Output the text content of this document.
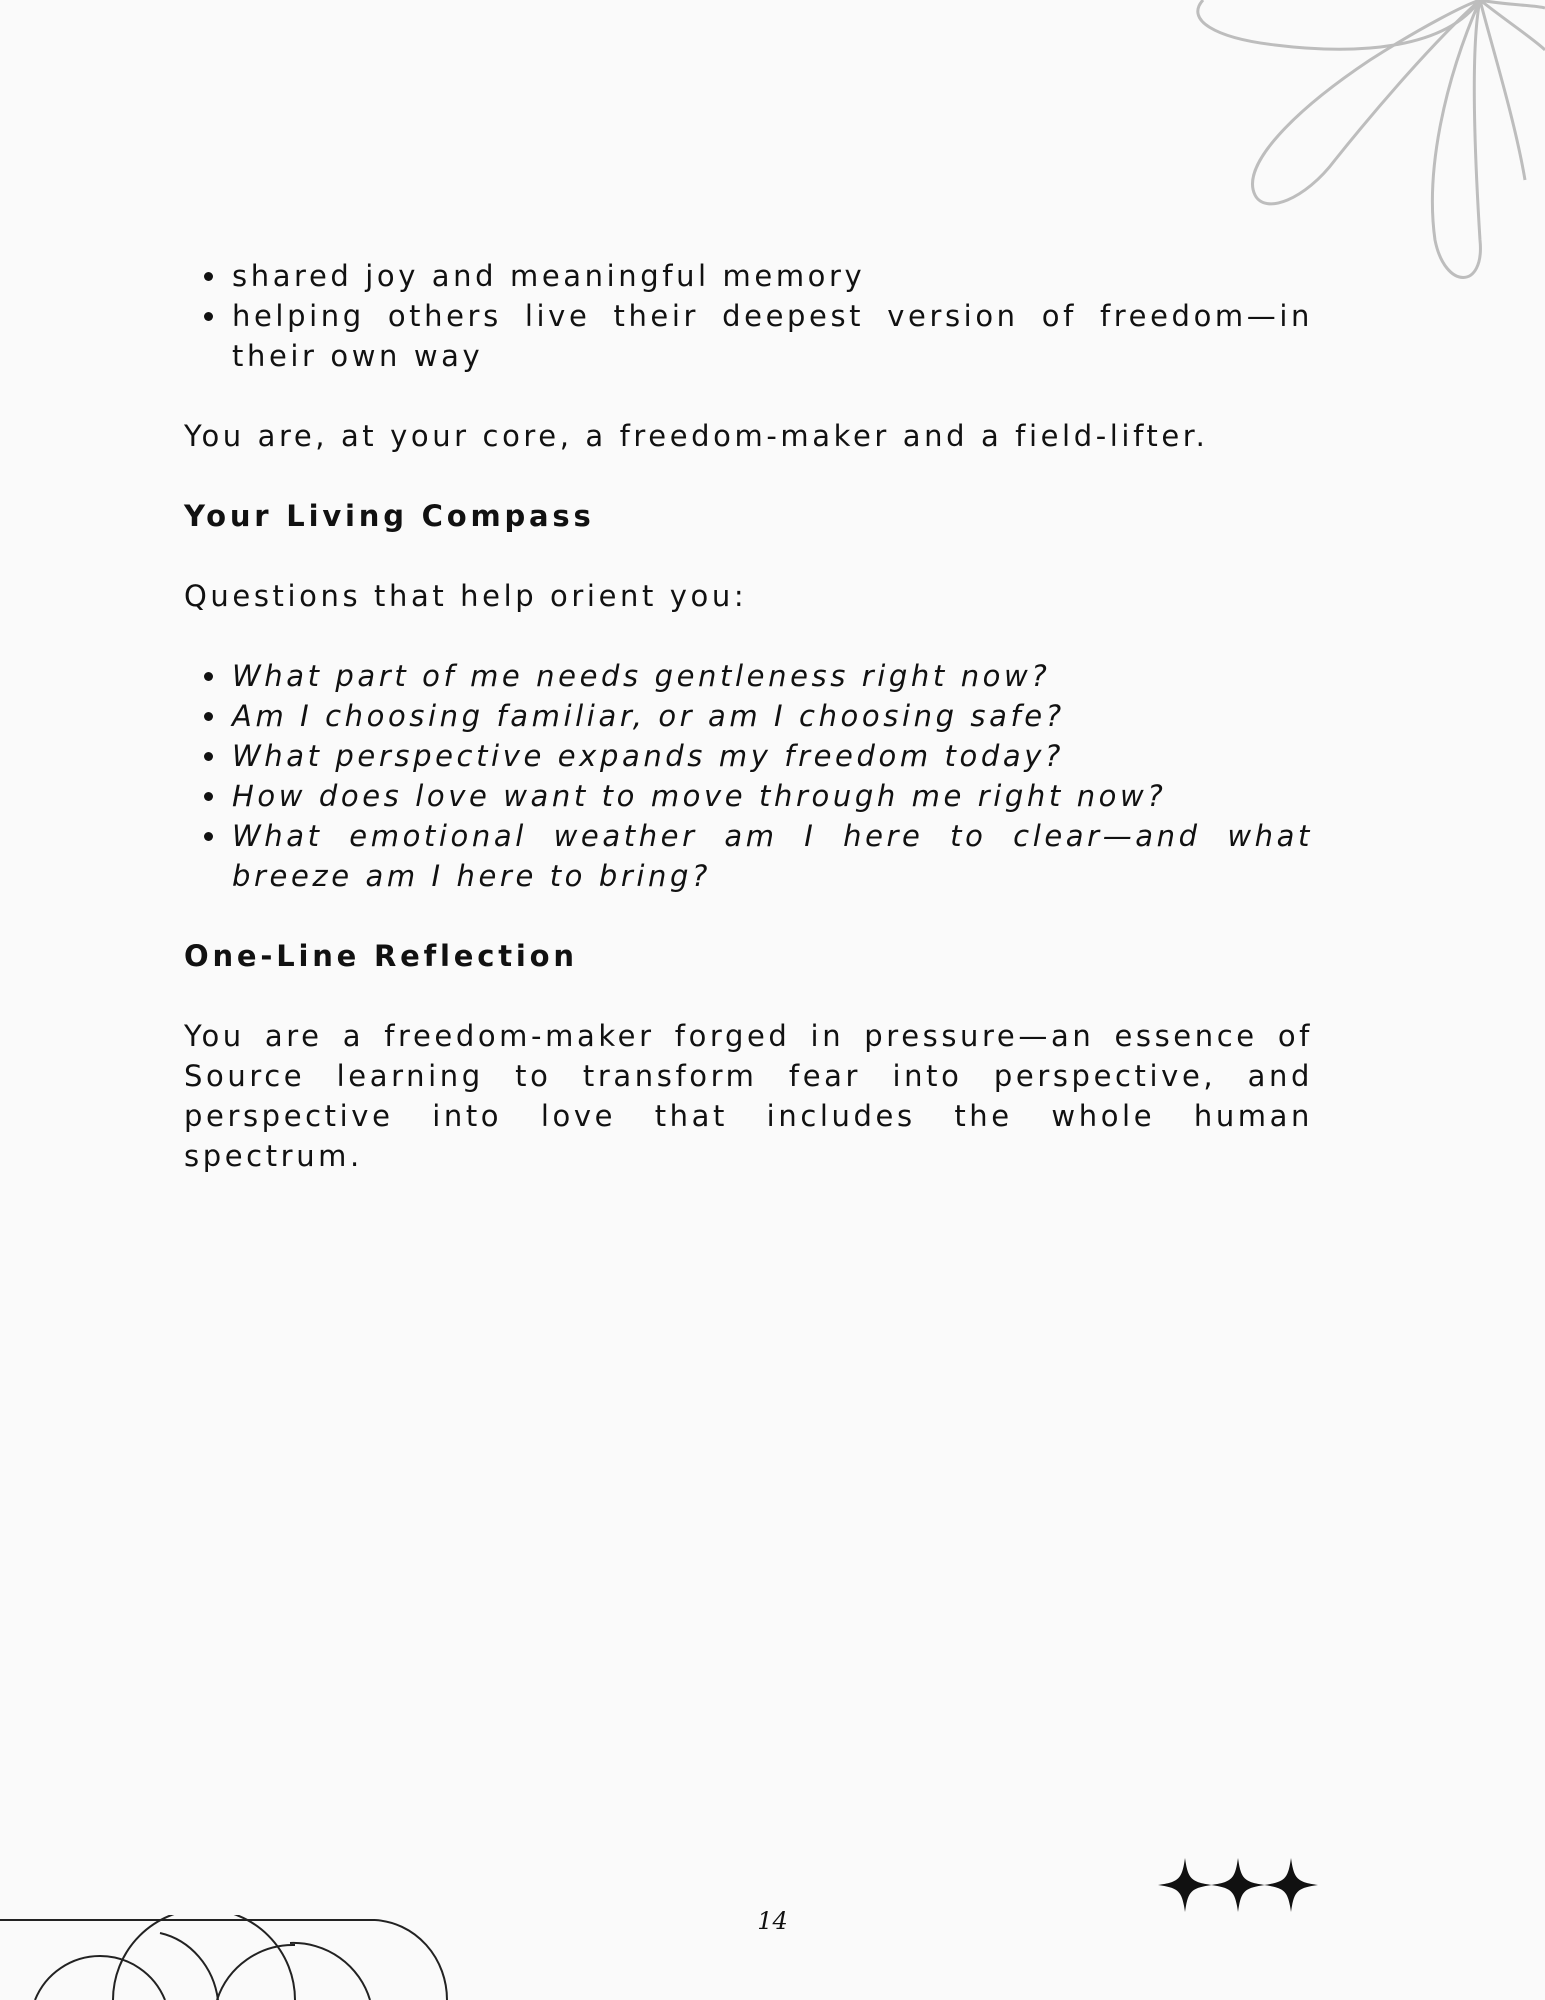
shared joy and meaningful memory
helping others live their deepest version of freedom—in their own way

You are, at your core, a freedom-maker and a field-lifter.

Your Living Compass

Questions that help orient you:

What part of me needs gentleness right now?
Am I choosing familiar, or am I choosing safe?
What perspective expands my freedom today?
How does love want to move through me right now?
What emotional weather am I here to clear—and what breeze am I here to bring?

One-Line Reflection

You are a freedom-maker forged in pressure—an essence of Source learning to transform fear into perspective, and perspective into love that includes the whole human spectrum.

14
